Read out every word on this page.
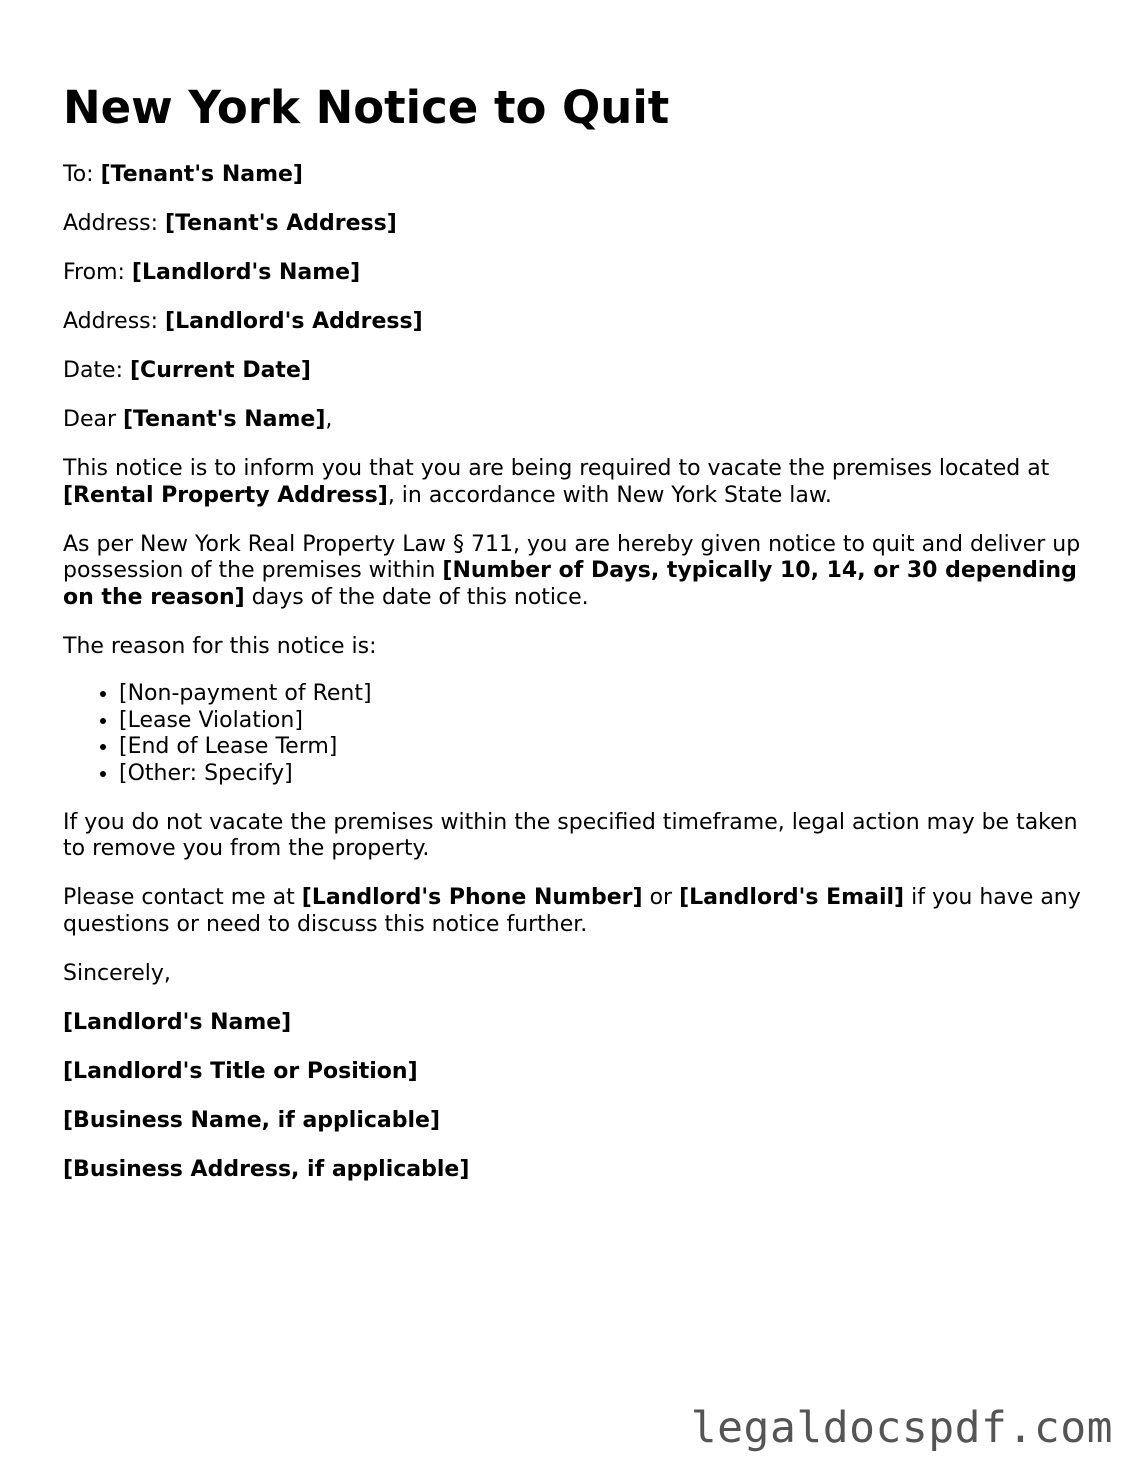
New York Notice to Quit

To: [Tenant's Name]

Address: [Tenant's Address]

From: [Landlord's Name]

Address: [Landlord's Address]

Date: [Current Date]

Dear [Tenant's Name],

This notice is to inform you that you are being required to vacate the premises located at [Rental Property Address], in accordance with New York State law.

As per New York Real Property Law § 711, you are hereby given notice to quit and deliver up possession of the premises within [Number of Days, typically 10, 14, or 30 depending on the reason] days of the date of this notice.

The reason for this notice is:

• [Non-payment of Rent]
• [Lease Violation]
• [End of Lease Term]
• [Other: Specify]

If you do not vacate the premises within the specified timeframe, legal action may be taken to remove you from the property.

Please contact me at [Landlord's Phone Number] or [Landlord's Email] if you have any questions or need to discuss this notice further.

Sincerely,

[Landlord's Name]

[Landlord's Title or Position]

[Business Name, if applicable]

[Business Address, if applicable]

legaldocspdf.com
